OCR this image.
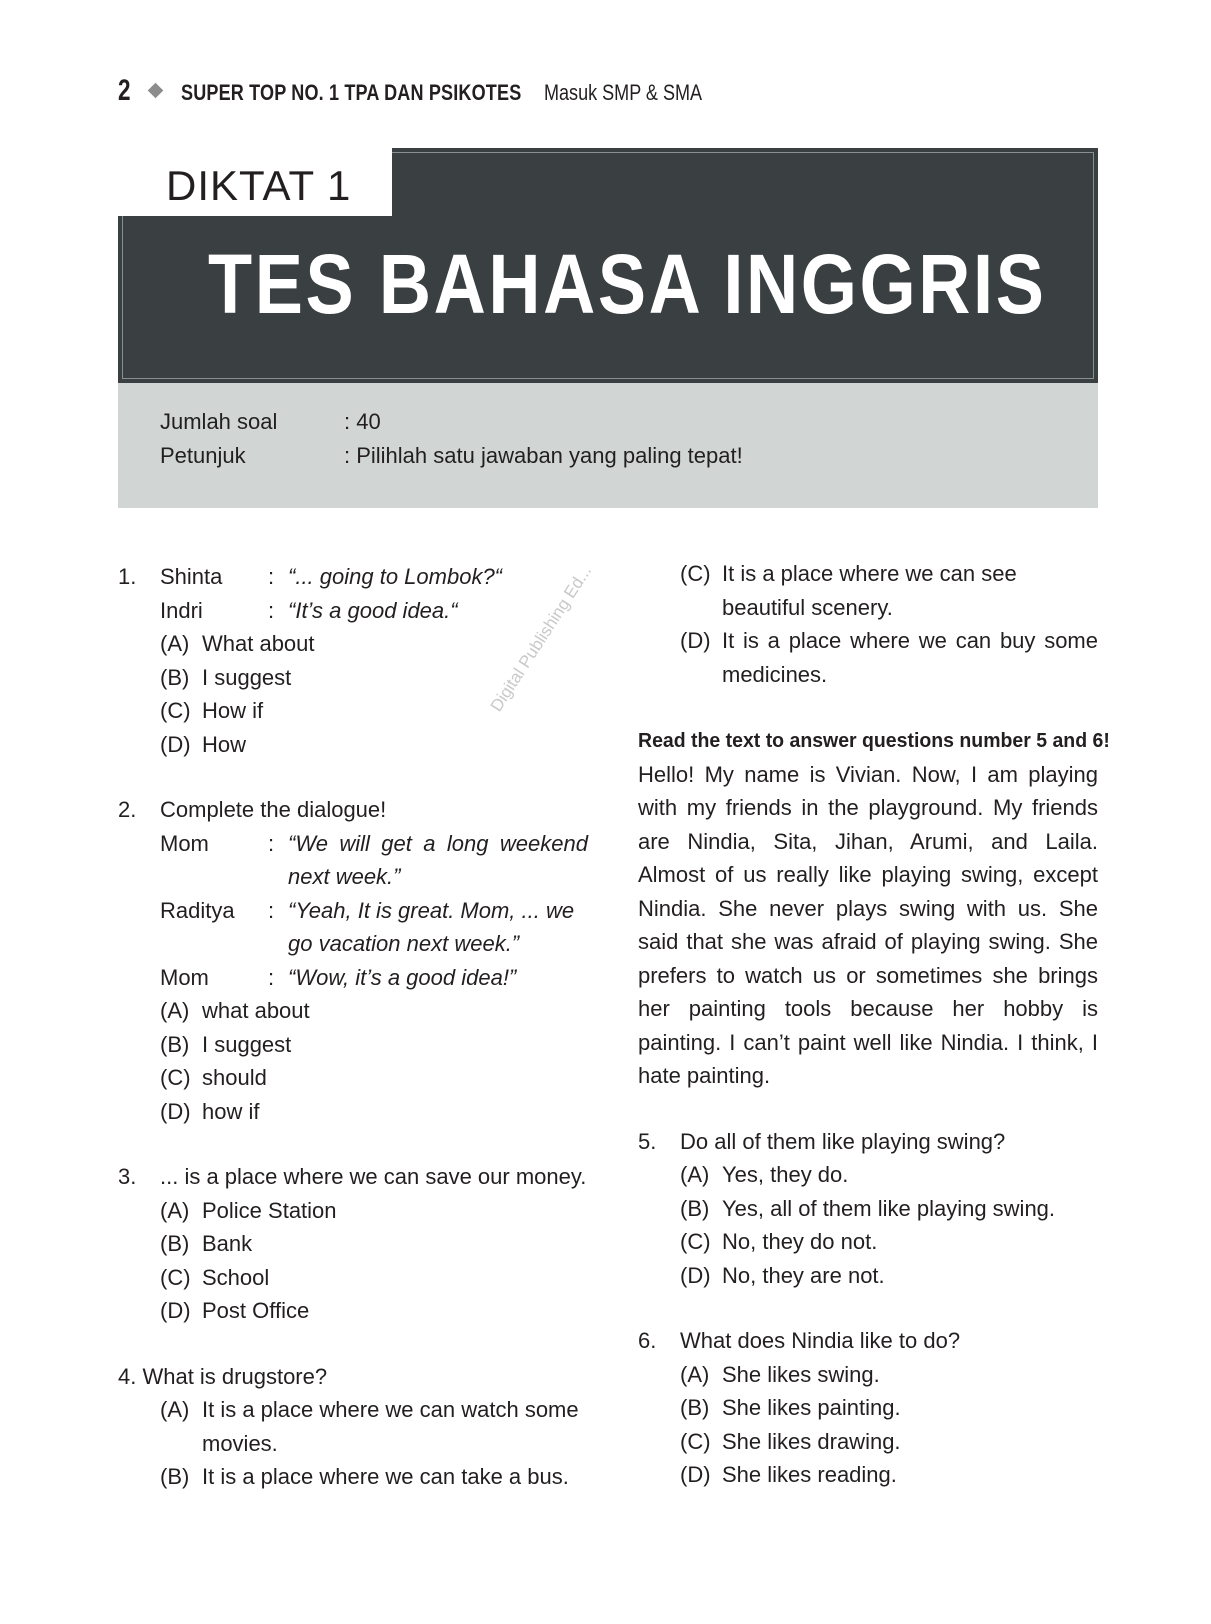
2 SUPER TOP NO. 1 TPA DAN PSIKOTES Masuk SMP & SMA
DIKTAT 1
TES BAHASA INGGRIS
Jumlah soal	: 40
Petunjuk	: Pilihlah satu jawaban yang paling tepat!
Digital Publishing Ed...
1. Shinta	: “... going to Lombok?“
Indri	: “It’s a good idea.“
(A) What about
(B) I suggest
(C) How if
(D) How
2. Complete the dialogue!
Mom	: “We will get a long weekend next week.”
Raditya	: “Yeah, It is great. Mom, ... we go vacation next week.”
Mom	: “Wow, it’s a good idea!”
(A) what about
(B) I suggest
(C) should
(D) how if
3. ... is a place where we can save our money.
(A) Police Station
(B) Bank
(C) School
(D) Post Office
4. What is drugstore?
(A) It is a place where we can watch some movies.
(B) It is a place where we can take a bus.
(C) It is a place where we can see beautiful scenery.
(D) It is a place where we can buy some medicines.
Read the text to answer questions number 5 and 6!
Hello! My name is Vivian. Now, I am playing with my friends in the playground. My friends are Nindia, Sita, Jihan, Arumi, and Laila. Almost of us really like playing swing, except Nindia. She never plays swing with us. She said that she was afraid of playing swing. She prefers to watch us or sometimes she brings her painting tools because her hobby is painting. I can’t paint well like Nindia. I think, I hate painting.
5. Do all of them like playing swing?
(A) Yes, they do.
(B) Yes, all of them like playing swing.
(C) No, they do not.
(D) No, they are not.
6. What does Nindia like to do?
(A) She likes swing.
(B) She likes painting.
(C) She likes drawing.
(D) She likes reading.
